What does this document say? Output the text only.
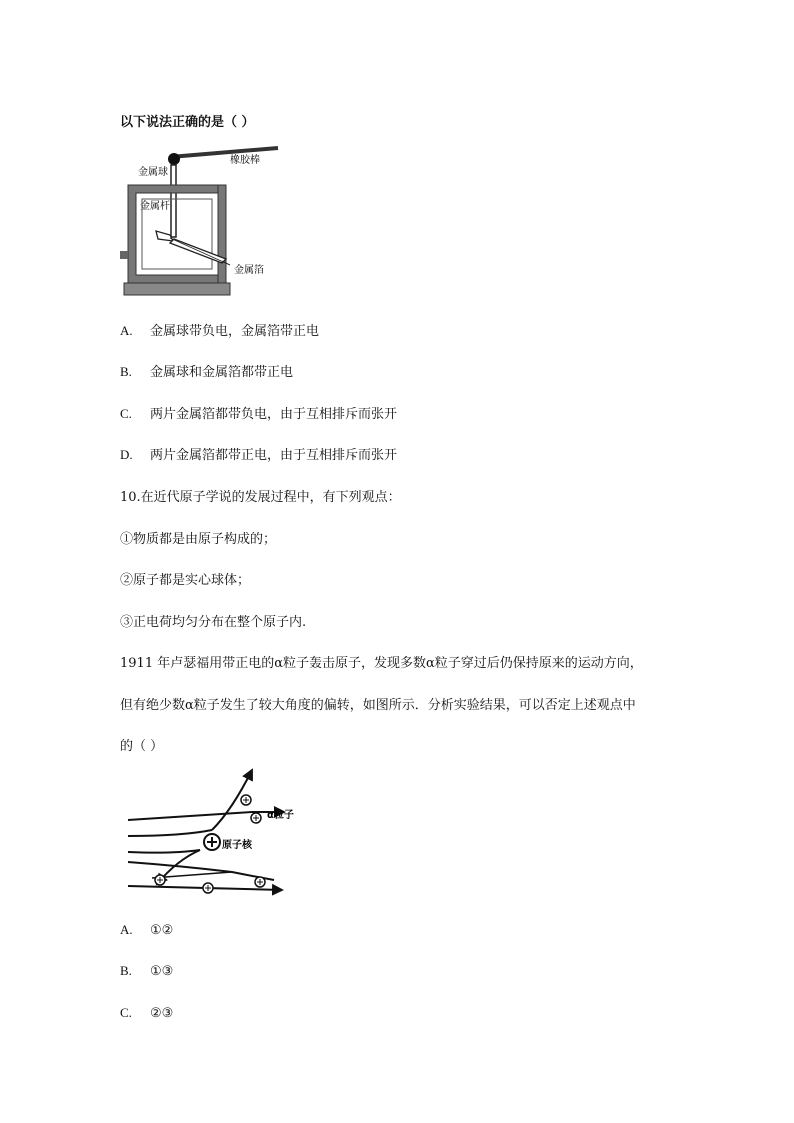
以下说法正确的是（ ）
金属球
橡胶棒
金属杆
金属箔
A. 金属球带负电，金属箔带正电
B. 金属球和金属箔都带正电
C. 两片金属箔都带负电，由于互相排斥而张开
D. 两片金属箔都带正电，由于互相排斥而张开
10.在近代原子学说的发展过程中，有下列观点：
①物质都是由原子构成的；
②原子都是实心球体；
③正电荷均匀分布在整个原子内.
1911 年卢瑟福用带正电的α粒子轰击原子，发现多数α粒子穿过后仍保持原来的运动方向，
但有绝少数α粒子发生了较大角度的偏转，如图所示．分析实验结果，可以否定上述观点中
的（ ）
α粒子
原子核
A. ①②
B. ①③
C. ②③
